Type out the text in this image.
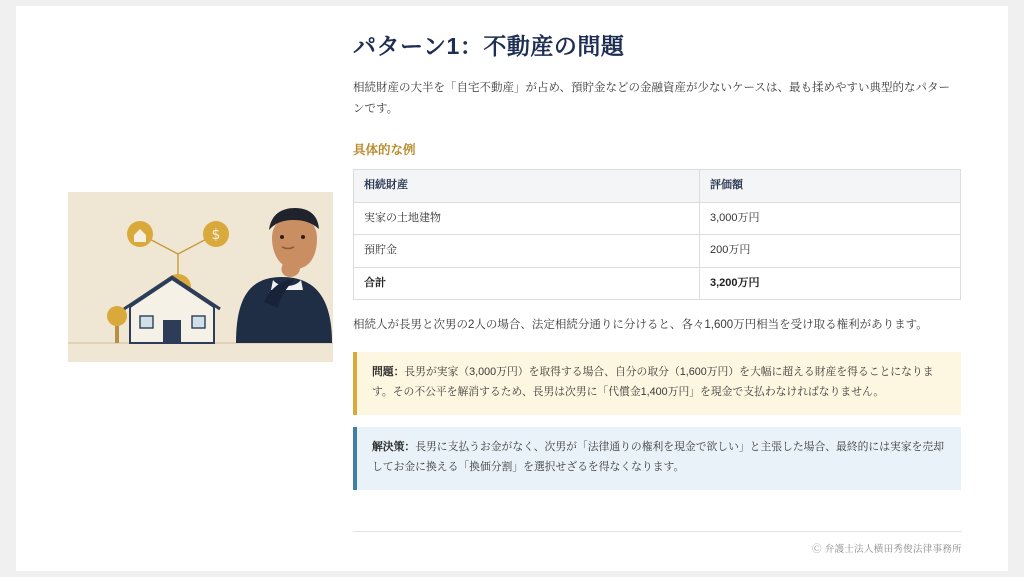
$
パターン1：不動産の問題

相続財産の大半を「自宅不動産」が占め、預貯金などの金融資産が少ないケースは、最も揉めやすい典型的なパターンです。

具体的な例
相続財産	評価額
実家の土地建物	3,000万円
預貯金	200万円
合計	3,200万円

相続人が長男と次男の2人の場合、法定相続分通りに分けると、各々1,600万円相当を受け取る権利があります。

問題：長男が実家（3,000万円）を取得する場合、自分の取分（1,600万円）を大幅に超える財産を得ることになります。その不公平を解消するため、長男は次男に「代償金1,400万円」を現金で支払わなければなりません。
解決策：長男に支払うお金がなく、次男が「法律通りの権利を現金で欲しい」と主張した場合、最終的には実家を売却してお金に換える「換価分割」を選択せざるを得なくなります。
Ⓒ 弁護士法人横田秀俊法律事務所
